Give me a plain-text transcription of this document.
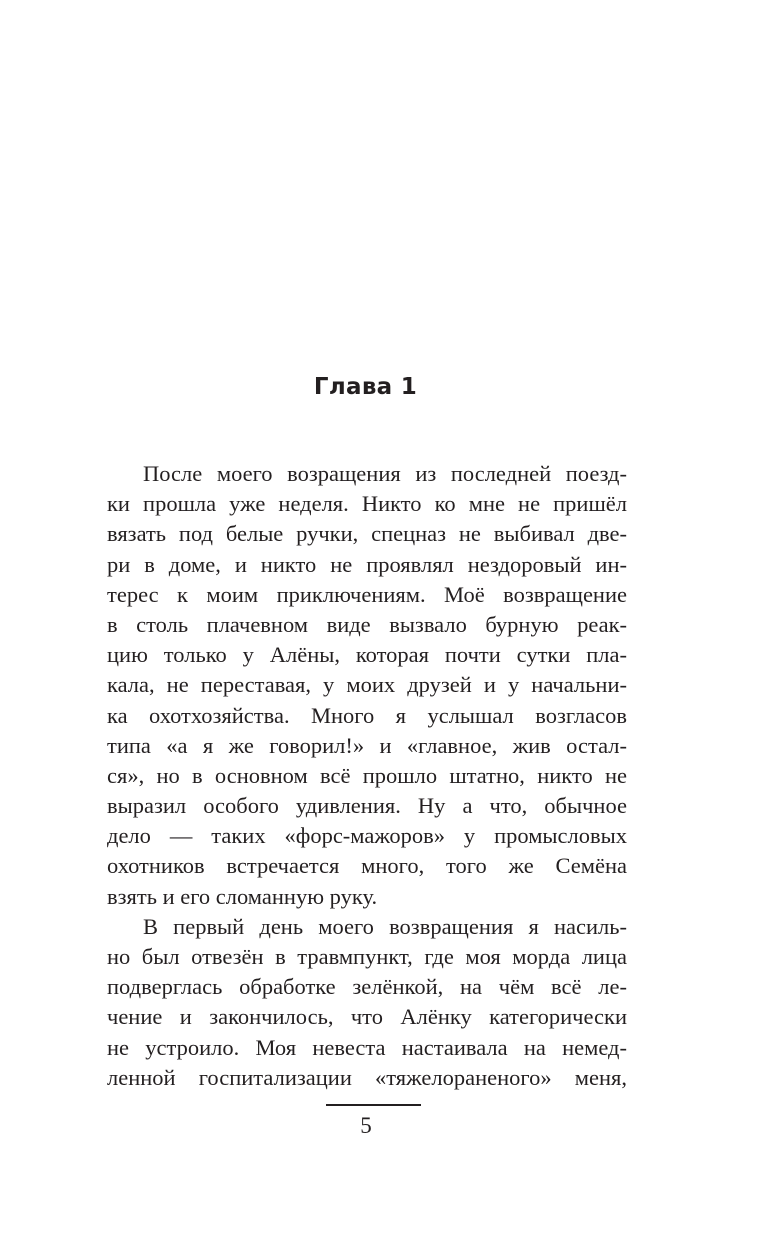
Глава 1
После моего возращения из последней поезд-
ки прошла уже неделя. Никто ко мне не пришёл
вязать под белые ручки, спецназ не выбивал две-
ри в доме, и никто не проявлял нездоровый ин-
терес к моим приключениям. Моё возвращение
в столь плачевном виде вызвало бурную реак-
цию только у Алёны, которая почти сутки пла-
кала, не переставая, у моих друзей и у начальни-
ка охотхозяйства. Много я услышал возгласов
типа «а я же говорил!» и «главное, жив остал-
ся», но в основном всё прошло штатно, никто не
выразил особого удивления. Ну а что, обычное
дело — таких «форс-мажоров» у промысловых
охотников встречается много, того же Семёна
взять и его сломанную руку.
В первый день моего возвращения я насиль-
но был отвезён в травмпункт, где моя морда лица
подверглась обработке зелёнкой, на чём всё ле-
чение и закончилось, что Алёнку категорически
не устроило. Моя невеста настаивала на немед-
ленной госпитализации «тяжелораненого» меня,
5
